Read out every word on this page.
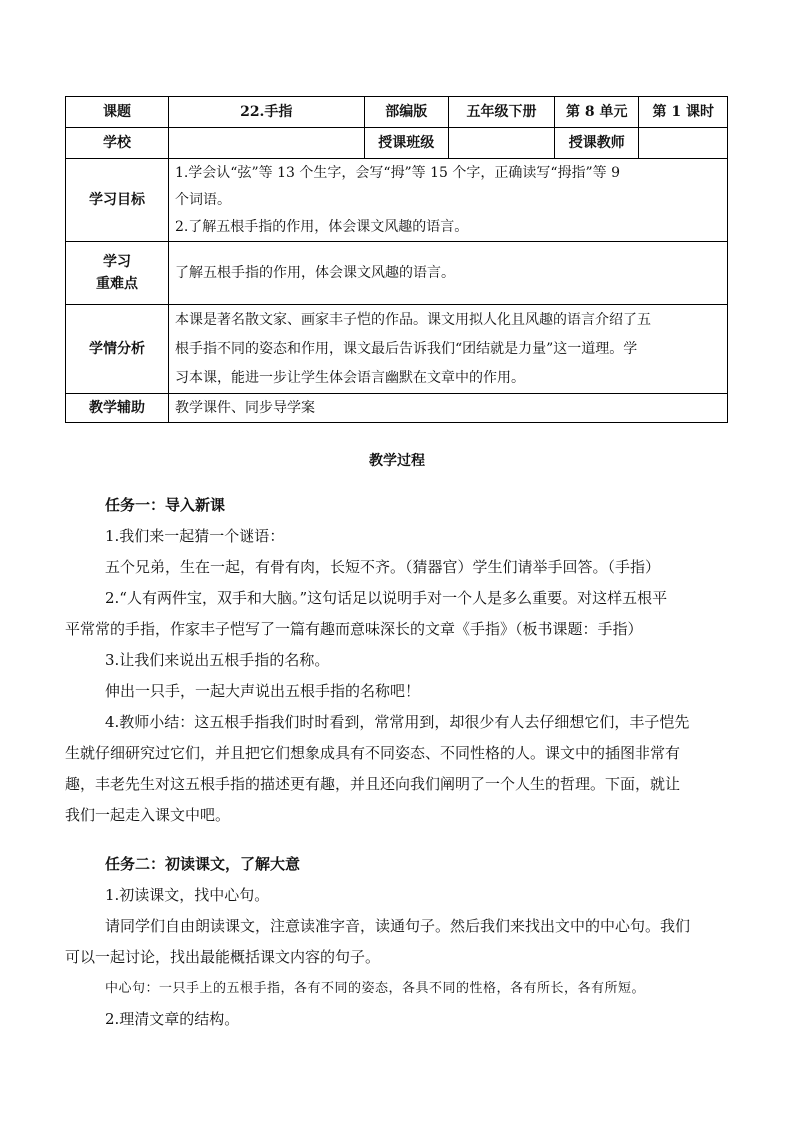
课题	22.手指	部编版	五年级下册	第 8 单元	第 1 课时
学校		授课班级		授课教师	
学习目标	1.学会认“弦”等 13 个生字，会写“拇”等 15 个字，正确读写“拇指”等 9

个词语。

2.了解五根手指的作用，体会课文风趣的语言。				

学习
重难点	了解五根手指的作用，体会课文风趣的语言。				
学情分析	本课是著名散文家、画家丰子恺的作品。课文用拟人化且风趣的语言介绍了五

根手指不同的姿态和作用，课文最后告诉我们“团结就是力量”这一道理。学

习本课，能进一步让学生体会语言幽默在文章中的作用。				

教学辅助	教学课件、同步导学案				
教学过程

任务一：导入新课

1.我们来一起猜一个谜语：

五个兄弟，生在一起，有骨有肉，长短不齐。（猜器官）学生们请举手回答。（手指）

2.“人有两件宝，双手和大脑。”这句话足以说明手对一个人是多么重要。对这样五根平

平常常的手指，作家丰子恺写了一篇有趣而意味深长的文章《手指》（板书课题：手指）

3.让我们来说出五根手指的名称。

伸出一只手，一起大声说出五根手指的名称吧！

4.教师小结：这五根手指我们时时看到，常常用到，却很少有人去仔细想它们，丰子恺先

生就仔细研究过它们，并且把它们想象成具有不同姿态、不同性格的人。课文中的插图非常有

趣，丰老先生对这五根手指的描述更有趣，并且还向我们阐明了一个人生的哲理。下面，就让

我们一起走入课文中吧。

任务二：初读课文，了解大意

1.初读课文，找中心句。

请同学们自由朗读课文，注意读准字音，读通句子。然后我们来找出文中的中心句。我们

可以一起讨论，找出最能概括课文内容的句子。

中心句：一只手上的五根手指，各有不同的姿态，各具不同的性格，各有所长，各有所短。

2.理清文章的结构。
